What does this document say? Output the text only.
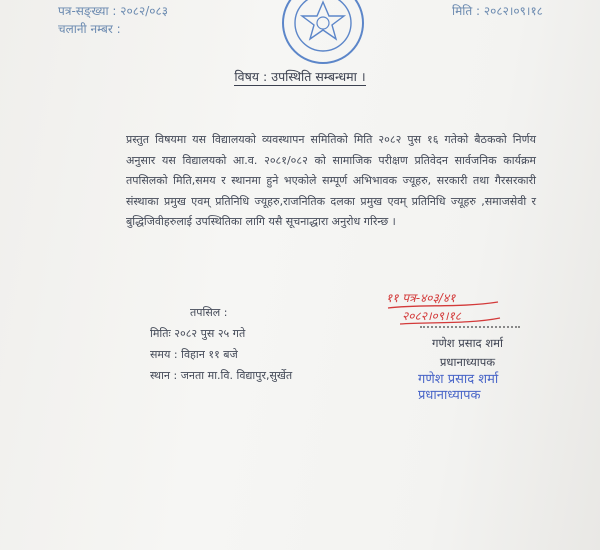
पत्र-सङ्ख्या : २०८२/०८३
चलानी नम्बर :
मिति : २०८२।०९।१८
विषय : उपस्थिति सम्बन्धमा ।
प्रस्तुत विषयमा यस विद्यालयको व्यवस्थापन समितिको मिति २०८२ पुस १६ गतेको बैठकको निर्णय अनुसार यस विद्यालयको आ.व. २०८१/०८२ को सामाजिक परीक्षण प्रतिवेदन सार्वजनिक कार्यक्रम तपसिलको मिति,समय र स्थानमा हुने भएकोले सम्पूर्ण अभिभावक ज्यूहरु, सरकारी तथा गैरसरकारी संस्थाका प्रमुख एवम् प्रतिनिधि ज्यूहरु,राजनितिक दलका प्रमुख एवम् प्रतिनिधि ज्यूहरु ,समाजसेवी र बुद्धिजिवीहरुलाई उपस्थितिका लागि यसै सूचनाद्धारा अनुरोध गरिन्छ ।
तपसिल :
मितिः २०८२ पुस २५ गते
समय : विहान ११ बजे
स्थान : जनता मा.वि. विद्यापुर,सुर्खेत
११ पत्र-४०३/४१
२०८२।०९।१८
गणेश प्रसाद शर्मा
प्रधानाध्यापक
गणेश प्रसाद शर्मा
प्रधानाध्यापक
